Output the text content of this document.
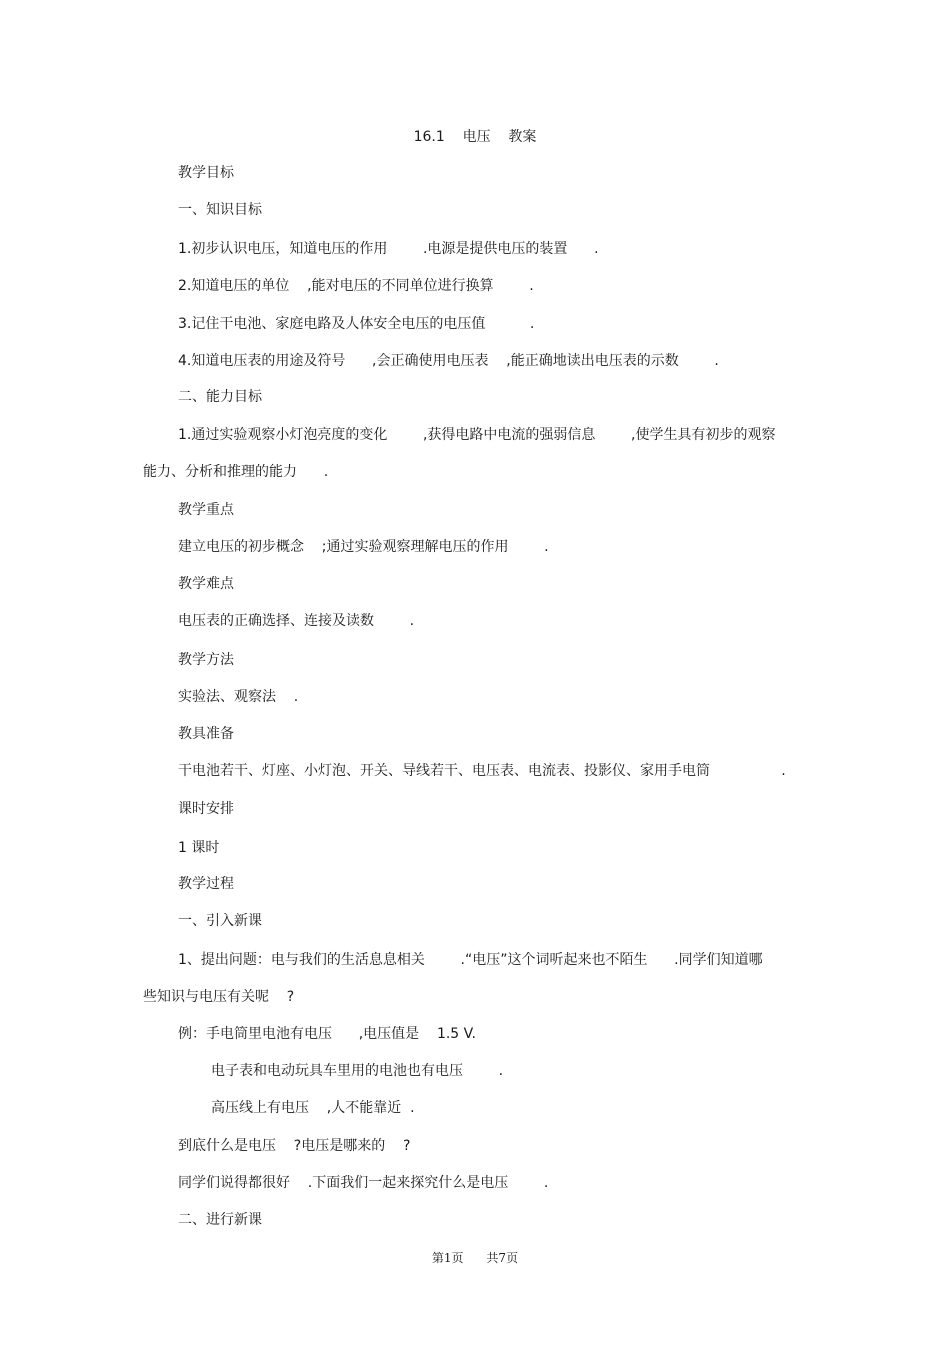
16.1    电压    教案
教学目标
一、知识目标
1.初步认识电压，知道电压的作用        .电源是提供电压的装置      .
2.知道电压的单位    ,能对电压的不同单位进行换算        .
3.记住干电池、家庭电路及人体安全电压的电压值          .
4.知道电压表的用途及符号      ,会正确使用电压表    ,能正确地读出电压表的示数        .
二、能力目标
1.通过实验观察小灯泡亮度的变化        ,获得电路中电流的强弱信息        ,使学生具有初步的观察
能力、分析和推理的能力      .
教学重点
建立电压的初步概念    ;通过实验观察理解电压的作用        .
教学难点
电压表的正确选择、连接及读数        .
教学方法
实验法、观察法    .
教具准备
干电池若干、灯座、小灯泡、开关、导线若干、电压表、电流表、投影仪、家用手电筒                .
课时安排
1 课时
教学过程
一、引入新课
1、提出问题：电与我们的生活息息相关        .“电压”这个词听起来也不陌生      .同学们知道哪
些知识与电压有关呢    ?
例：手电筒里电池有电压      ,电压值是    1.5 V.
电子表和电动玩具车里用的电池也有电压        .
高压线上有电压    ,人不能靠近  .
到底什么是电压    ?电压是哪来的    ?
同学们说得都很好    .下面我们一起来探究什么是电压        .
二、进行新课
第1页      共7页
